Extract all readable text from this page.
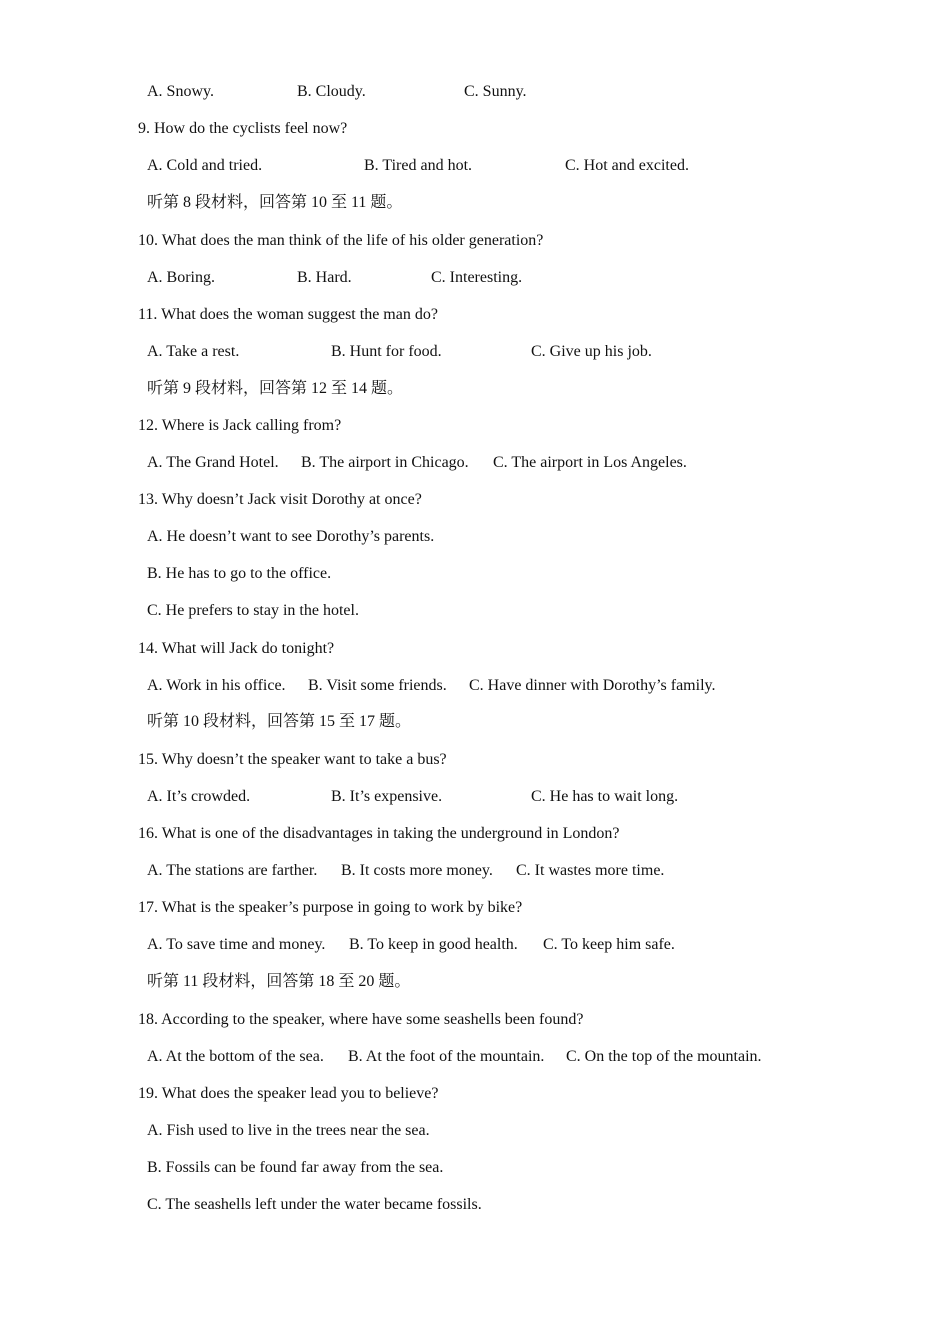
A. Snowy.

	B. Cloudy.

	C. Sunny.

9. How do the cyclists feel now?

A. Cold and tried.

	B. Tired and hot.

	C. Hot and excited.

听第 8 段材料，回答第 10 至 11 题。
10. What does the man think of the life of his older generation?

A. Boring.

	B. Hard.

	C. Interesting.

11. What does the woman suggest the man do?

A. Take a rest.

	B. Hunt for food.

	C. Give up his job.

听第 9 段材料，回答第 12 至 14 题。
12. Where is Jack calling from?

A. The Grand Hotel.

B. The airport in Chicago.

C. The airport in Los Angeles.

13. Why doesn’t Jack visit Dorothy at once?
A. He doesn’t want to see Dorothy’s parents.
B. He has to go to the office.
C. He prefers to stay in the hotel.
14. What will Jack do tonight?

A. Work in his office.

B. Visit some friends.

C. Have dinner with Dorothy’s family.

听第 10 段材料，回答第 15 至 17 题。
15. Why doesn’t the speaker want to take a bus?

A. It’s crowded.

	B. It’s expensive.

	C. He has to wait long.

16. What is one of the disadvantages in taking the underground in London?

A. The stations are farther.

B. It costs more money.

C. It wastes more time.

17. What is the speaker’s purpose in going to work by bike?

A. To save time and money.

B. To keep in good health.

C. To keep him safe.

听第 11 段材料，回答第 18 至 20 题。
18. According to the speaker, where have some seashells been found?

A. At the bottom of the sea.

B. At the foot of the mountain.

C. On the top of the mountain.

19. What does the speaker lead you to believe?
A. Fish used to live in the trees near the sea.
B. Fossils can be found far away from the sea.
C. The seashells left under the water became fossils.
